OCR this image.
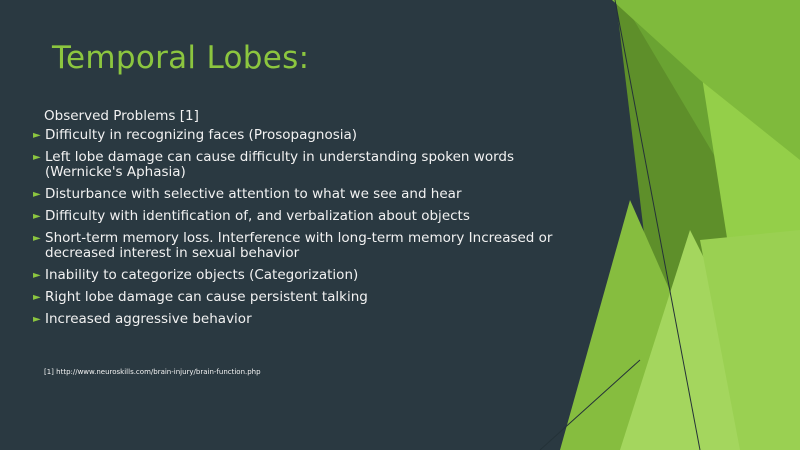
Temporal Lobes:
Observed Problems [1]
► Difficulty in recognizing faces (Prosopagnosia)
► Left lobe damage can cause difficulty in understanding spoken words (Wernicke's Aphasia)
► Disturbance with selective attention to what we see and hear
► Difficulty with identification of, and verbalization about objects
► Short-term memory loss. Interference with long-term memory Increased or decreased interest in sexual behavior
► Inability to categorize objects (Categorization)
► Right lobe damage can cause persistent talking
► Increased aggressive behavior
[1] http://www.neuroskills.com/brain-injury/brain-function.php
